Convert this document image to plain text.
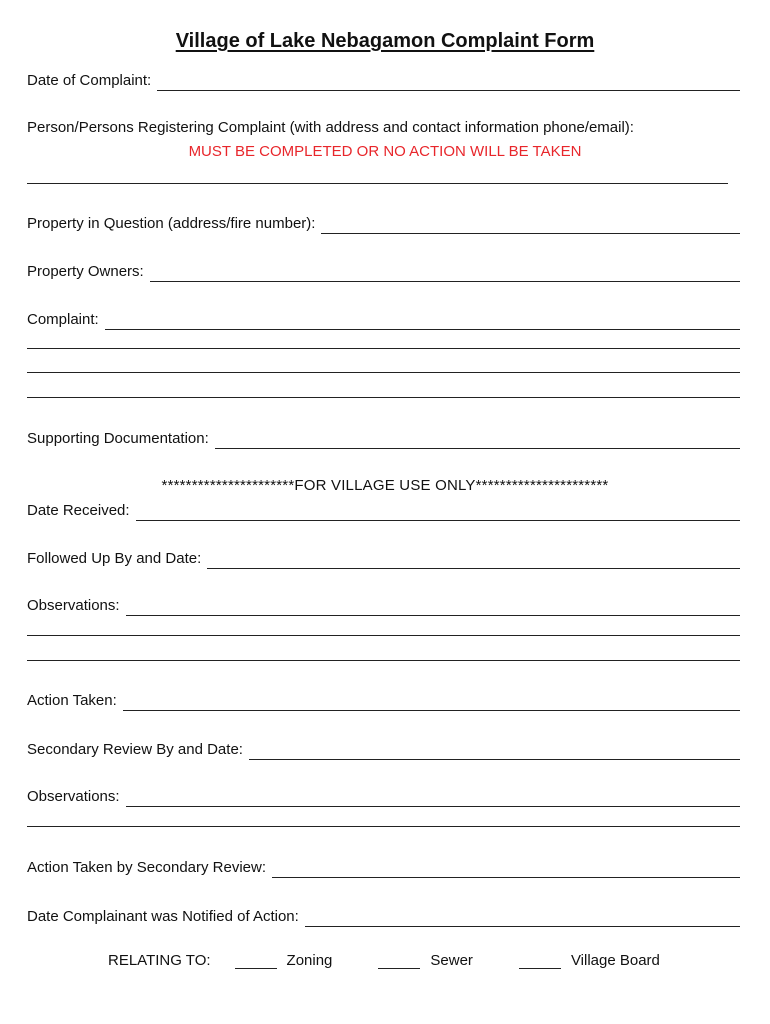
Village of Lake Nebagamon Complaint Form
Date of Complaint:
Person/Persons Registering Complaint (with address and contact information phone/email):
MUST BE COMPLETED OR NO ACTION WILL BE TAKEN
Property in Question (address/fire number):
Property Owners:
Complaint:
Supporting Documentation:
**********************FOR VILLAGE USE ONLY**********************
Date Received:
Followed Up By and Date:
Observations:
Action Taken:
Secondary Review By and Date:
Observations:
Action Taken by Secondary Review:
Date Complainant was Notified of Action:
RELATING TO:	Zoning	Sewer	Village Board
